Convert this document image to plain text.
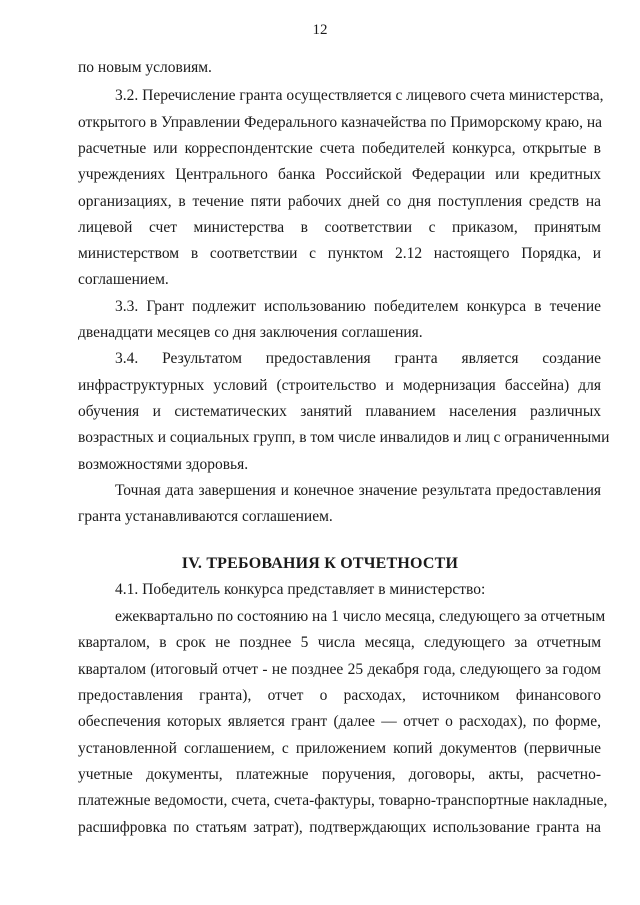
12
по новым условиям.
3.2. Перечисление гранта осуществляется с лицевого счета министерства,
открытого в Управлении Федерального казначейства по Приморскому краю, на
расчетные или корреспондентские счета победителей конкурса, открытые в
учреждениях Центрального банка Российской Федерации или кредитных
организациях, в течение пяти рабочих дней со дня поступления средств на
лицевой счет министерства в соответствии с приказом, принятым
министерством в соответствии с пунктом 2.12 настоящего Порядка, и
соглашением.
3.3. Грант подлежит использованию победителем конкурса в течение
двенадцати месяцев со дня заключения соглашения.
3.4. Результатом предоставления гранта является создание
инфраструктурных условий (строительство и модернизация бассейна) для
обучения и систематических занятий плаванием населения различных
возрастных и социальных групп, в том числе инвалидов и лиц с ограниченными
возможностями здоровья.
Точная дата завершения и конечное значение результата предоставления
гранта устанавливаются соглашением.
IV. ТРЕБОВАНИЯ К ОТЧЕТНОСТИ
4.1. Победитель конкурса представляет в министерство:
ежеквартально по состоянию на 1 число месяца, следующего за отчетным
кварталом, в срок не позднее 5 числа месяца, следующего за отчетным
кварталом (итоговый отчет - не позднее 25 декабря года, следующего за годом
предоставления гранта), отчет о расходах, источником финансового
обеспечения которых является грант (далее — отчет о расходах), по форме,
установленной соглашением, с приложением копий документов (первичные
учетные документы, платежные поручения, договоры, акты, расчетно-
платежные ведомости, счета, счета-фактуры, товарно-транспортные накладные,
расшифровка по статьям затрат), подтверждающих использование гранта на
